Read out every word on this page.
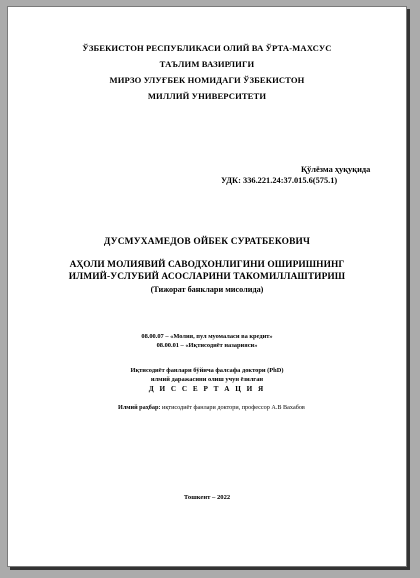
ЎЗБЕКИСТОН РЕСПУБЛИКАСИ ОЛИЙ ВА ЎРТА-МАХСУС
ТАЪЛИМ ВАЗИРЛИГИ
МИРЗО УЛУҒБЕК НОМИДАГИ ЎЗБЕКИСТОН
МИЛЛИЙ УНИВЕРСИТЕТИ
Қўлёзма ҳуқуқида
УДК: 336.221.24:37.015.6(575.1)
ДУСМУХАМЕДОВ ОЙБЕК СУРАТБЕКОВИЧ
АҲОЛИ МОЛИЯВИЙ САВОДХОНЛИГИНИ ОШИРИШНИНГ
ИЛМИЙ-УСЛУБИЙ АСОСЛАРИНИ ТАКОМИЛЛАШТИРИШ
(Тижорат банклари мисолида)
08.00.07 – «Молия, пул муомаласи ва кредит»
08.00.01 – «Иқтисодиёт назарияси»
Иқтисодиёт фанлари бўйича фалсафа доктори (PhD)
илмий даражасини олиш учун ёзилган
Д И С С Е Р Т А Ц И Я
Илмий раҳбар: иқтисодиёт фанлари доктори, профессор А.В Вахабов
Тошкент – 2022
